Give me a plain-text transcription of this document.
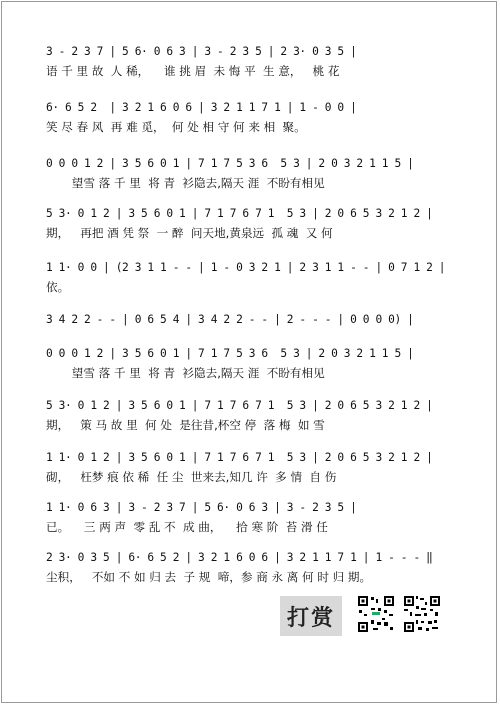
3 - 2 3 7 | 5 6· 0 6 3 | 3 - 2 3 5 | 2 3· 0 3 5 |
语 千 里 故  人 稀，    谁 挑 眉  未 悔 平  生 意，   桃 花
6· 6 5 2  | 3 2 1 6 0 6 | 3 2 1 1 7 1 | 1 - 0 0 |
笑 尽 春 风  再 难 觅，  何 处 相 守 何 来 相  聚。
0 0 0 1 2 | 3 5 6 0 1 | 7 1 7 5 3 6  5 3 | 2 0 3 2 1 1 5 |
望雪 落 千 里  将 青  衫隐去,隔天 涯  不盼有相见
5 3· 0 1 2 | 3 5 6 0 1 | 7 1 7 6 7 1  5 3 | 2 0 6 5 3 2 1 2 |
期，   再把 酒 凭 祭  一 醉  问天地,黄泉远  孤 魂  又 何
1 1· 0 0 | (2 3 1 1 - - | 1 - 0 3 2 1 | 2 3 1 1 - - | 0 7 1 2 |
依。
3 4 2 2 - - | 0 6 5 4 | 3 4 2 2 - - | 2 - - - | 0 0 0 0) |
0 0 0 1 2 | 3 5 6 0 1 | 7 1 7 5 3 6  5 3 | 2 0 3 2 1 1 5 |
望雪 落 千 里  将 青  衫隐去,隔天 涯  不盼有相见
5 3· 0 1 2 | 3 5 6 0 1 | 7 1 7 6 7 1  5 3 | 2 0 6 5 3 2 1 2 |
期，   策 马 故 里  何 处  是往昔,杯空 停  落 梅  如 雪
1 1· 0 1 2 | 3 5 6 0 1 | 7 1 7 6 7 1  5 3 | 2 0 6 5 3 2 1 2 |
砌，   枉梦 痕 依 稀  任 尘  世来去,知几 许  多 情  自 伤
1 1· 0 6 3 | 3 - 2 3 7 | 5 6· 0 6 3 | 3 - 2 3 5 |
已。    三 两 声  零 乱 不  成 曲，    拾 寒 阶  苔 滑 任
2 3· 0 3 5 | 6· 6 5 2 | 3 2 1 6 0 6 | 3 2 1 1 7 1 | 1 - - - ‖
尘积，   不如 不 如 归 去  子 规  啼，参 商 永 离 何 时 归 期。
打赏
